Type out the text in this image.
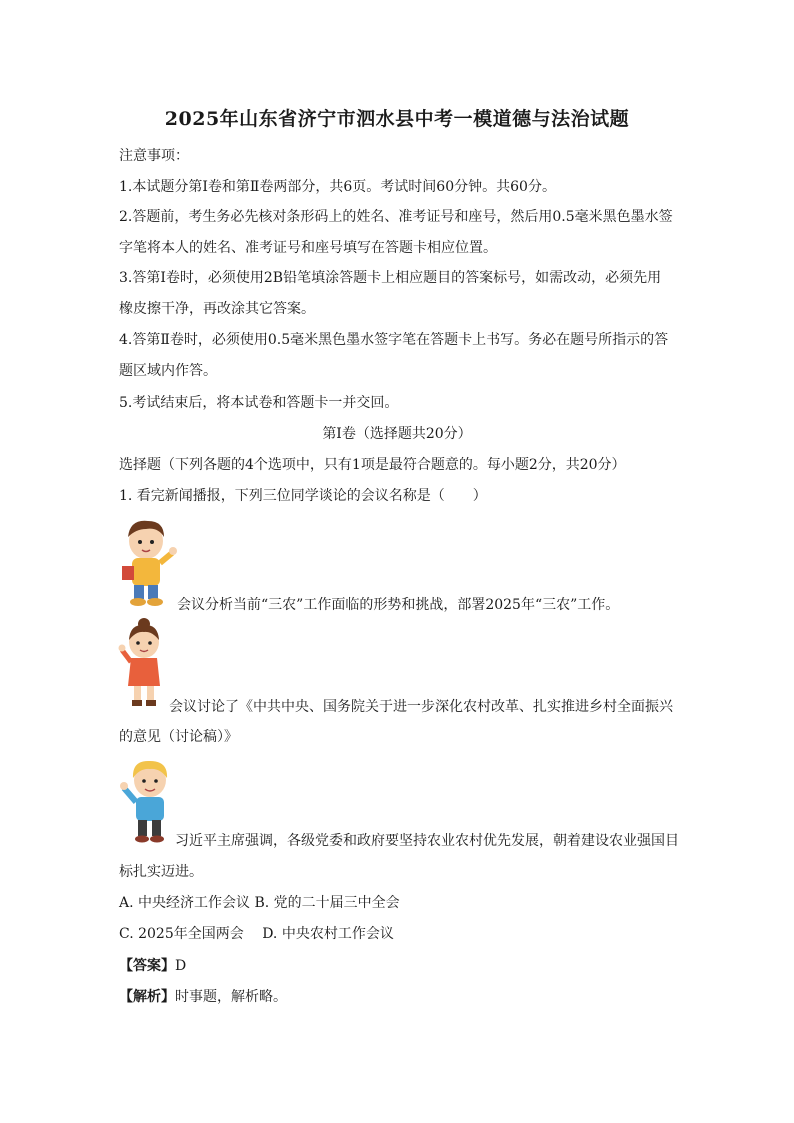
2025年山东省济宁市泗水县中考一模道德与法治试题
注意事项：
1.本试题分第Ⅰ卷和第Ⅱ卷两部分，共6页。考试时间60分钟。共60分。
2.答题前，考生务必先核对条形码上的姓名、准考证号和座号，然后用0.5毫米黑色墨水签
字笔将本人的姓名、准考证号和座号填写在答题卡相应位置。
3.答第Ⅰ卷时，必须使用2B铅笔填涂答题卡上相应题目的答案标号，如需改动，必须先用
橡皮擦干净，再改涂其它答案。
4.答第Ⅱ卷时，必须使用0.5毫米黑色墨水签字笔在答题卡上书写。务必在题号所指示的答
题区域内作答。
5.考试结束后，将本试卷和答题卡一并交回。
第Ⅰ卷（选择题共20分）
选择题（下列各题的4个选项中，只有1项是最符合题意的。每小题2分，共20分）
1. 看完新闻播报，下列三位同学谈论的会议名称是（　　）
会议分析当前“三农”工作面临的形势和挑战，部署2025年“三农”工作。
会议讨论了《中共中央、国务院关于进一步深化农村改革、扎实推进乡村全面振兴
的意见（讨论稿）》
习近平主席强调，各级党委和政府要坚持农业农村优先发展，朝着建设农业强国目
标扎实迈进。
A. 中央经济工作会议 B. 党的二十届三中全会
C. 2025年全国两会　 D. 中央农村工作会议
【答案】D
【解析】时事题，解析略。
